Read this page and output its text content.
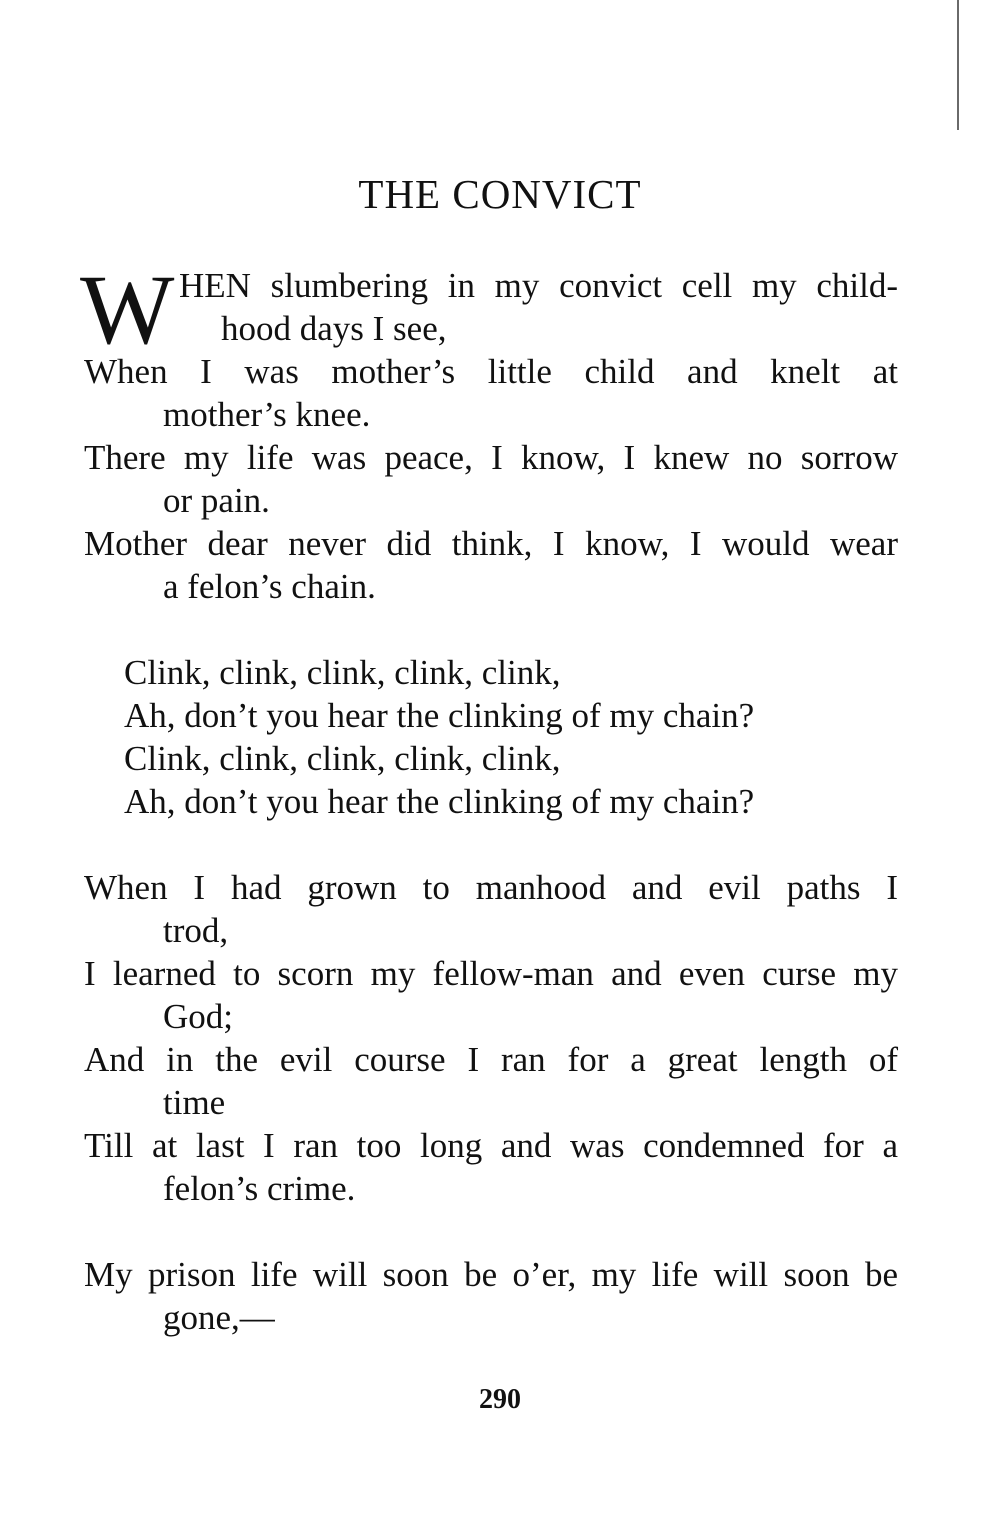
THE CONVICT
W HEN slumbering in my convict cell my child-
hood days I see,
When I was mother’s little child and knelt at
mother’s knee.
There my life was peace, I know, I knew no sorrow
or pain.
Mother dear never did think, I know, I would wear
a felon’s chain.
Clink, clink, clink, clink, clink,
Ah, don’t you hear the clinking of my chain?
Clink, clink, clink, clink, clink,
Ah, don’t you hear the clinking of my chain?
When I had grown to manhood and evil paths I
trod,
I learned to scorn my fellow-man and even curse my
God;
And in the evil course I ran for a great length of
time
Till at last I ran too long and was condemned for a
felon’s crime.
My prison life will soon be o’er, my life will soon be
gone,—
290
